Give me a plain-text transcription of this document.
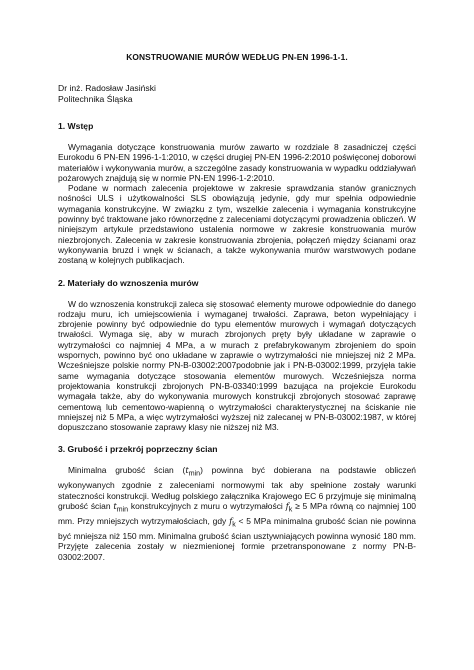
KONSTRUOWANIE MURÓW WEDŁUG PN-EN 1996-1-1.
Dr inż. Radosław Jasiński
Politechnika Śląska
1. Wstęp

Wymagania dotyczące konstruowania murów zawarto w rozdziale 8 zasadniczej części Eurokodu 6 PN-EN 1996-1-1:2010, w części drugiej PN-EN 1996-2:2010 poświęconej doborowi materiałów i wykonywania murów, a szczególne zasady konstruowania w wypadku oddziaływań pożarowych znajdują się w normie PN-EN 1996-1-2:2010.

Podane w normach zalecenia projektowe w zakresie sprawdzania stanów granicznych nośności ULS i użytkowalności SLS obowiązują jedynie, gdy mur spełnia odpowiednie wymagania konstrukcyjne. W związku z tym, wszelkie zalecenia i wymagania konstrukcyjne powinny być traktowane jako równorzędne z zaleceniami dotyczącymi prowadzenia obliczeń. W niniejszym artykule przedstawiono ustalenia normowe w zakresie konstruowania murów niezbrojonych. Zalecenia w zakresie konstruowania zbrojenia, połączeń między ścianami oraz wykonywania bruzd i wnęk w ścianach, a także wykonywania murów warstwowych podane zostaną w kolejnych publikacjach.

2. Materiały do wznoszenia murów

W do wznoszenia konstrukcji zaleca się stosować elementy murowe odpowiednie do danego rodzaju muru, ich umiejscowienia i wymaganej trwałości. Zaprawa, beton wypełniający i zbrojenie powinny być odpowiednie do typu elementów murowych i wymagań dotyczących trwałości. Wymaga się, aby w murach zbrojonych pręty były układane w zaprawie o wytrzymałości co najmniej 4 MPa, a w murach z prefabrykowanym zbrojeniem do spoin wspornych, powinno być ono układane w zaprawie o wytrzymałości nie mniejszej niż 2 MPa. Wcześniejsze polskie normy PN-B-03002:2007podobnie jak i PN-B-03002:1999, przyjęła takie same wymagania dotyczące stosowania elementów murowych. Wcześniejsza norma projektowania konstrukcji zbrojonych PN-B-03340:1999 bazująca na projekcie Eurokodu wymagała także, aby do wykonywania murowych konstrukcji zbrojonych stosować zaprawę cementową lub cementowo-wapienną o wytrzymałości charakterystycznej na ściskanie nie mniejszej niż 5 MPa, a więc wytrzymałości wyższej niż zalecanej w PN-B-03002:1987, w której dopuszczano stosowanie zaprawy klasy nie niższej niż M3.

3. Grubość i przekrój poprzeczny ścian

Minimalna grubość ścian $(t_{min})$ powinna być dobierana na podstawie obliczeń wykonywanych zgodnie z zaleceniami normowymi tak aby spełnione zostały warunki stateczności konstrukcji. Według polskiego załącznika Krajowego EC 6 przyjmuje się minimalną grubość ścian $t_{min}$ konstrukcyjnych z muru o wytrzymałości $f_k \ge 5$ MPa równą co najmniej 100 mm. Przy mniejszych wytrzymałościach, gdy $f_k < 5$ MPa minimalna grubość ścian nie powinna być mniejsza niż 150 mm. Minimalna grubość ścian usztywniających powinna wynosić 180 mm. Przyjęte zalecenia zostały w niezmienionej formie przetransponowane z normy PN-B-03002:2007.
